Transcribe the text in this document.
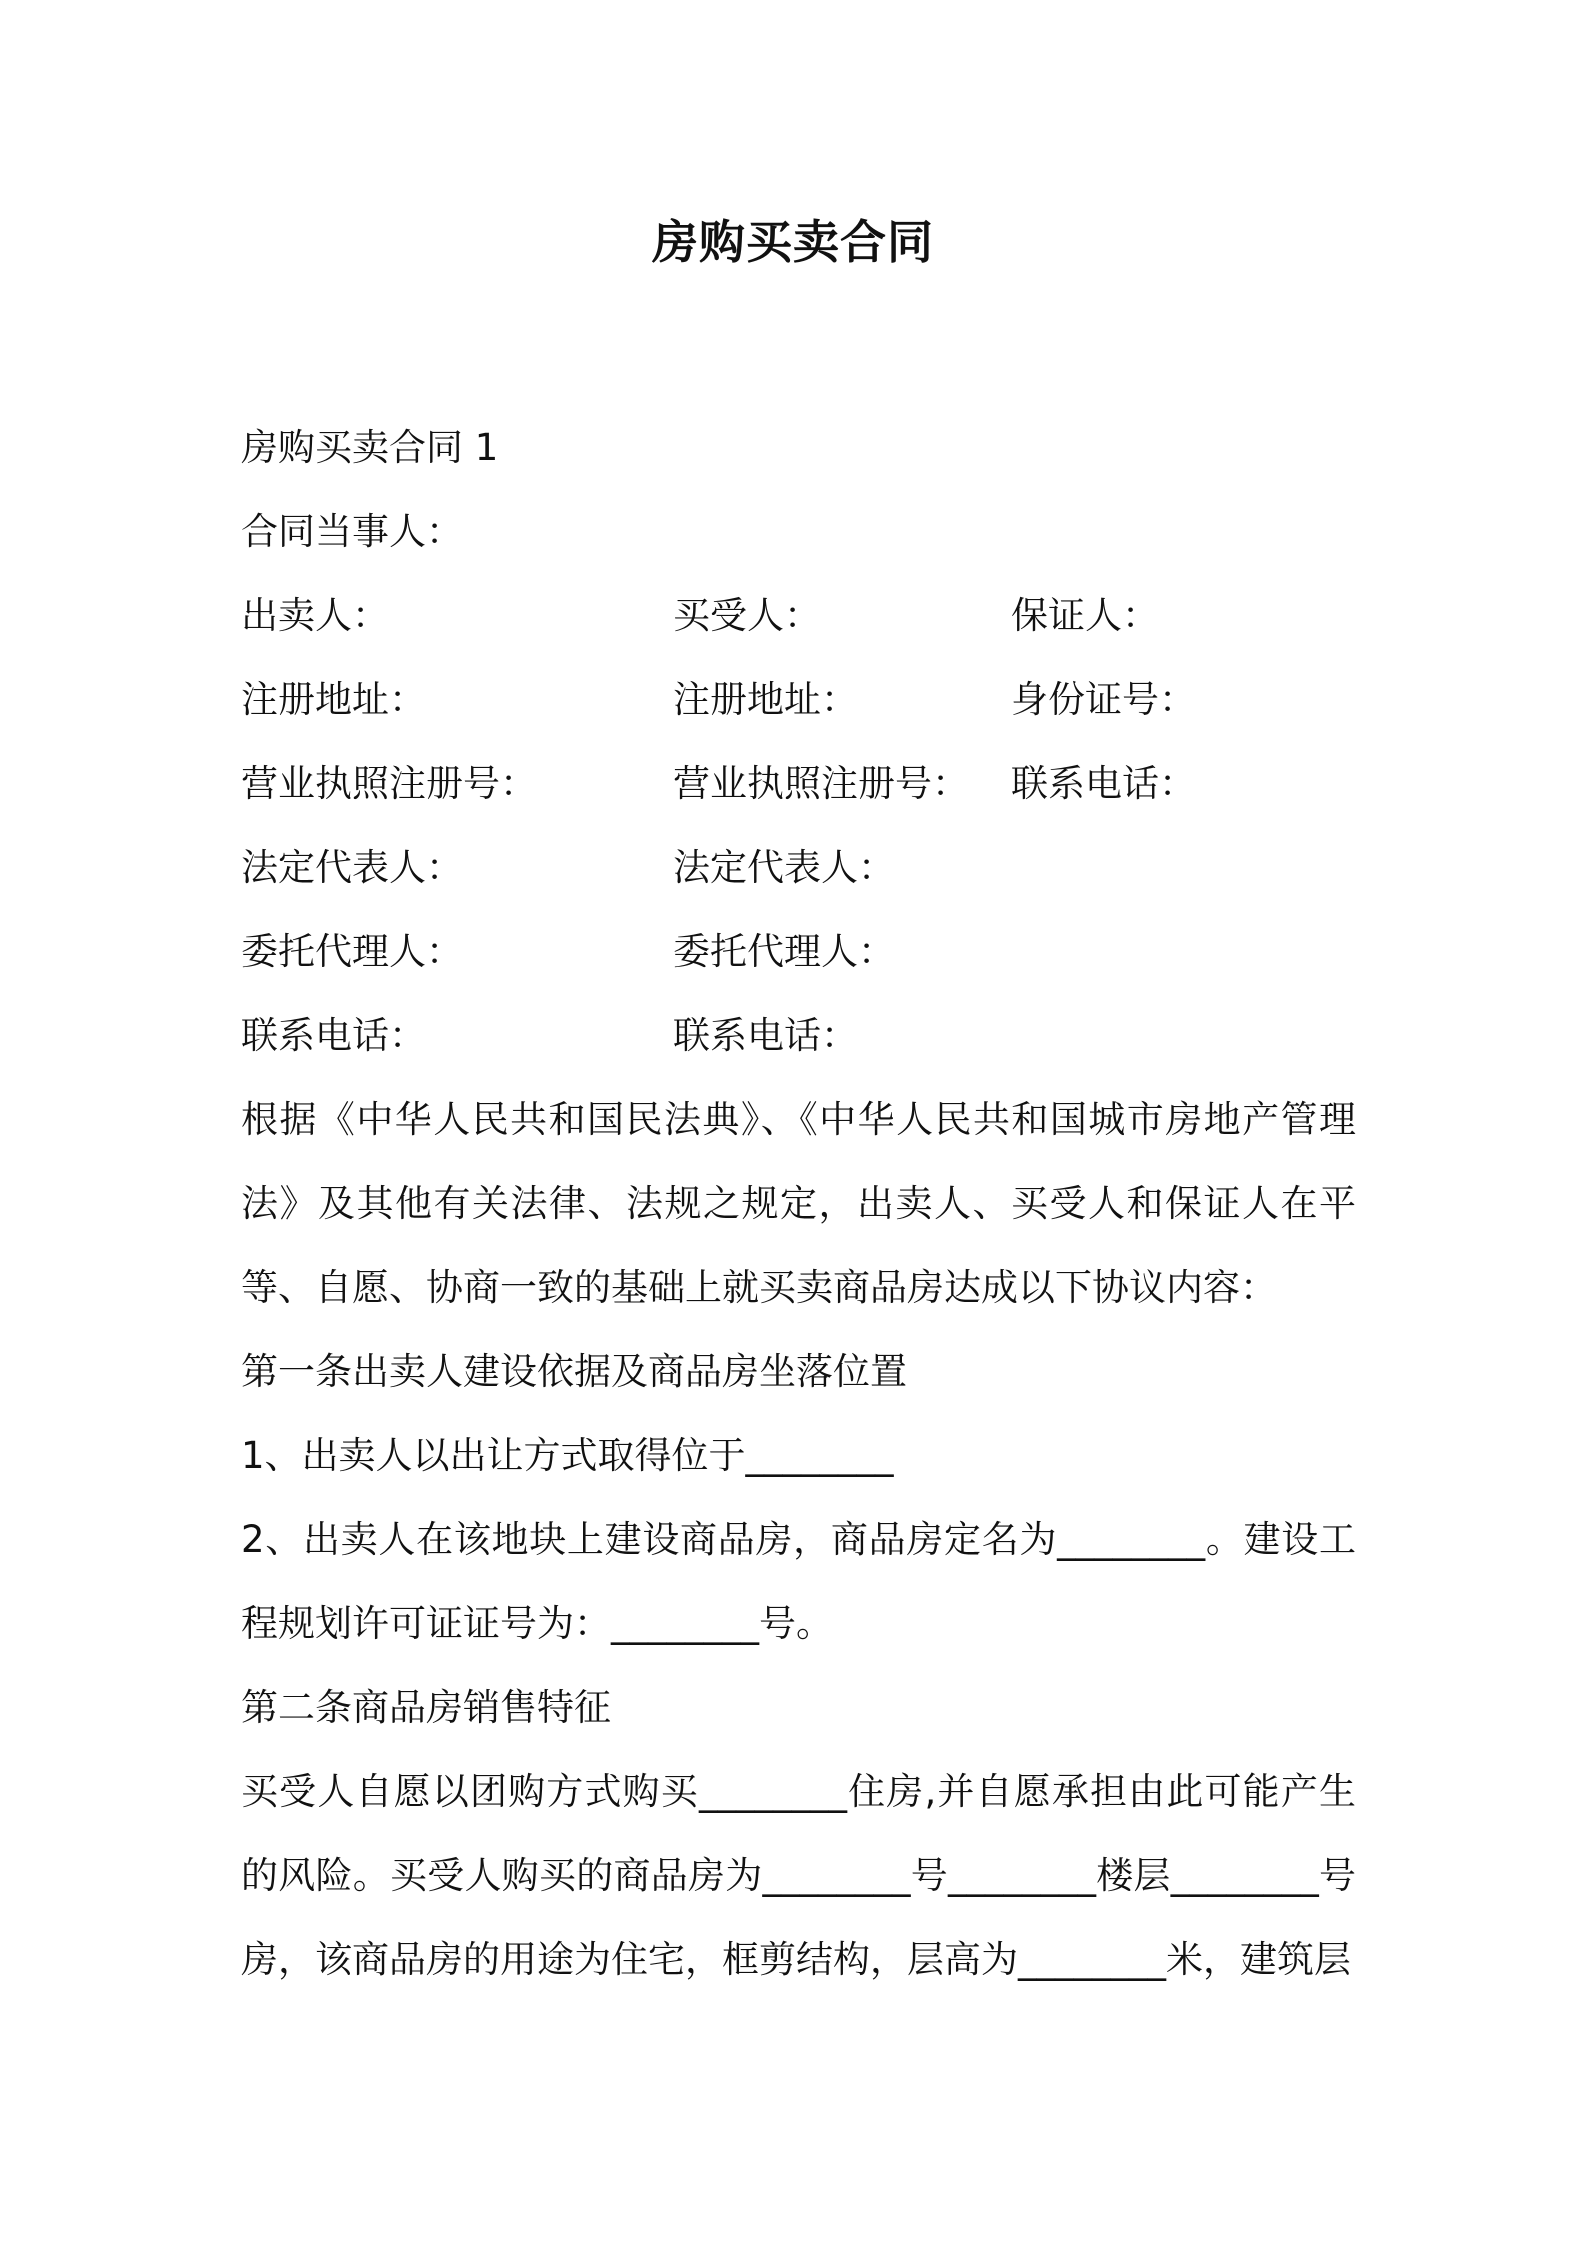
房购买卖合同
房购买卖合同 1
合同当事人：
出卖人：	买受人：	保证人：
注册地址：	注册地址：	身份证号：
营业执照注册号：	营业执照注册号： 联系电话：
法定代表人：	法定代表人：
委托代理人：	委托代理人：
联系电话：	联系电话：
根据《中华人民共和国民法典》、《中华人民共和国城市房地产管理法》及其他有关法律、法规之规定，出卖人、买受人和保证人在平等、自愿、协商一致的基础上就买卖商品房达成以下协议内容：
第一条出卖人建设依据及商品房坐落位置
1、出卖人以出让方式取得位于________
2、出卖人在该地块上建设商品房，商品房定名为________。建设工程规划许可证证号为：________号。
第二条商品房销售特征
买受人自愿以团购方式购买________住房,并自愿承担由此可能产生的风险。买受人购买的商品房为________号________楼层________号房，该商品房的用途为住宅，框剪结构，层高为________米，建筑层
